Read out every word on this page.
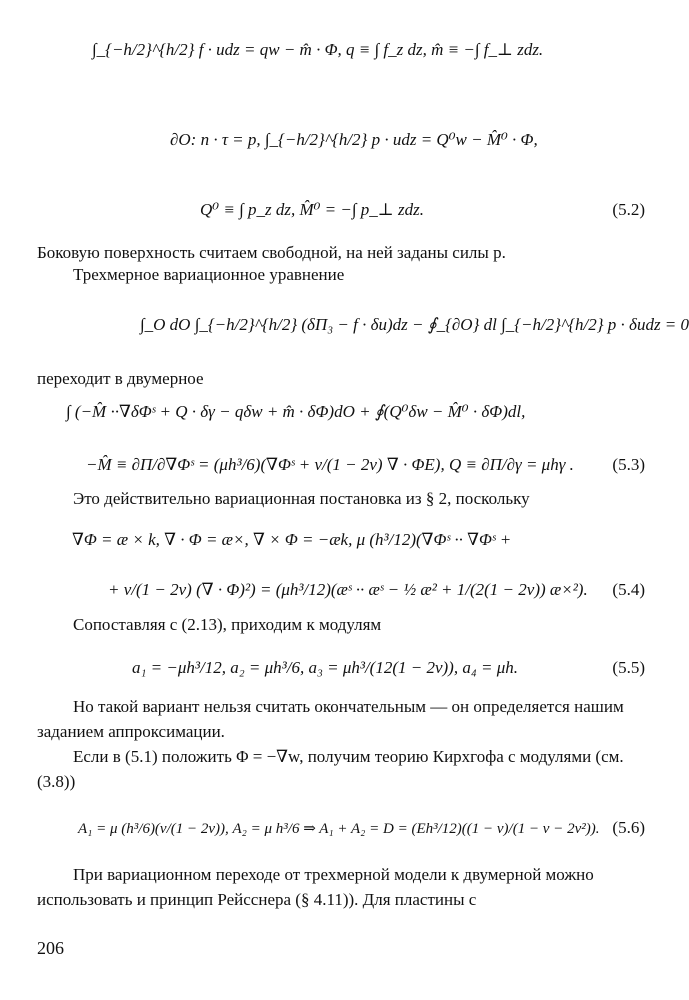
∫_{−h/2}^{h/2} f · udz = qw − m̂ · Φ, q ≡ ∫ f_z dz, m̂ ≡ −∫ f_⊥ zdz.
∂O: n · τ = p, ∫_{−h/2}^{h/2} p · udz = Q⁰w − M̂⁰ · Φ,
Q⁰ ≡ ∫ p_z dz, M̂⁰ = −∫ p_⊥ zdz.	(5.2)
Боковую поверхность считаем свободной, на ней заданы силы p.
Трехмерное вариационное уравнение
∫_O dO ∫_{−h/2}^{h/2} (δΠ₃ − f · δu)dz − ∮_{∂O} dl ∫_{−h/2}^{h/2} p · δudz = 0
переходит в двумерное
∫ (−M̂ ··∇δΦˢ + Q · δγ − qδw + m̂ · δΦ)dO + ∮(Q⁰δw − M̂⁰ · δΦ)dl,
−M̂ ≡ ∂Π/∂∇Φˢ = (μh³/6)(∇Φˢ + ν/(1 − 2ν) ∇ · ΦE), Q ≡ ∂Π/∂γ = μhγ . (5.3)
Это действительно вариационная постановка из § 2, поскольку
∇Φ = æ × k, ∇ · Φ = æ×, ∇ × Φ = −æk, μ (h³/12)(∇Φˢ ·· ∇Φˢ +
+ ν/(1 − 2ν) (∇ · Φ)²) = (μh³/12)(æˢ ·· æˢ − ½ æ² + 1/(2(1 − 2ν)) æ×²). (5.4)
Сопоставляя с (2.13), приходим к модулям
a₁ = −μh³/12, a₂ = μh³/6, a₃ = μh³/(12(1 − 2ν)), a₄ = μh.	(5.5)
Но такой вариант нельзя считать окончательным — он определяется нашим заданием аппроксимации.
Если в (5.1) положить Φ = −∇w, получим теорию Кирхгофа с модулями (см. (3.8))
A₁ = μ (h³/6)(ν/(1 − 2ν)), A₂ = μ h³/6 ⇒ A₁ + A₂ = D = (Eh³/12)((1 − ν)/(1 − ν − 2ν²)). (5.6)
При вариационном переходе от трехмерной модели к двумерной можно использовать и принцип Рейсснера (§ 4.11)). Для пластины с
206
